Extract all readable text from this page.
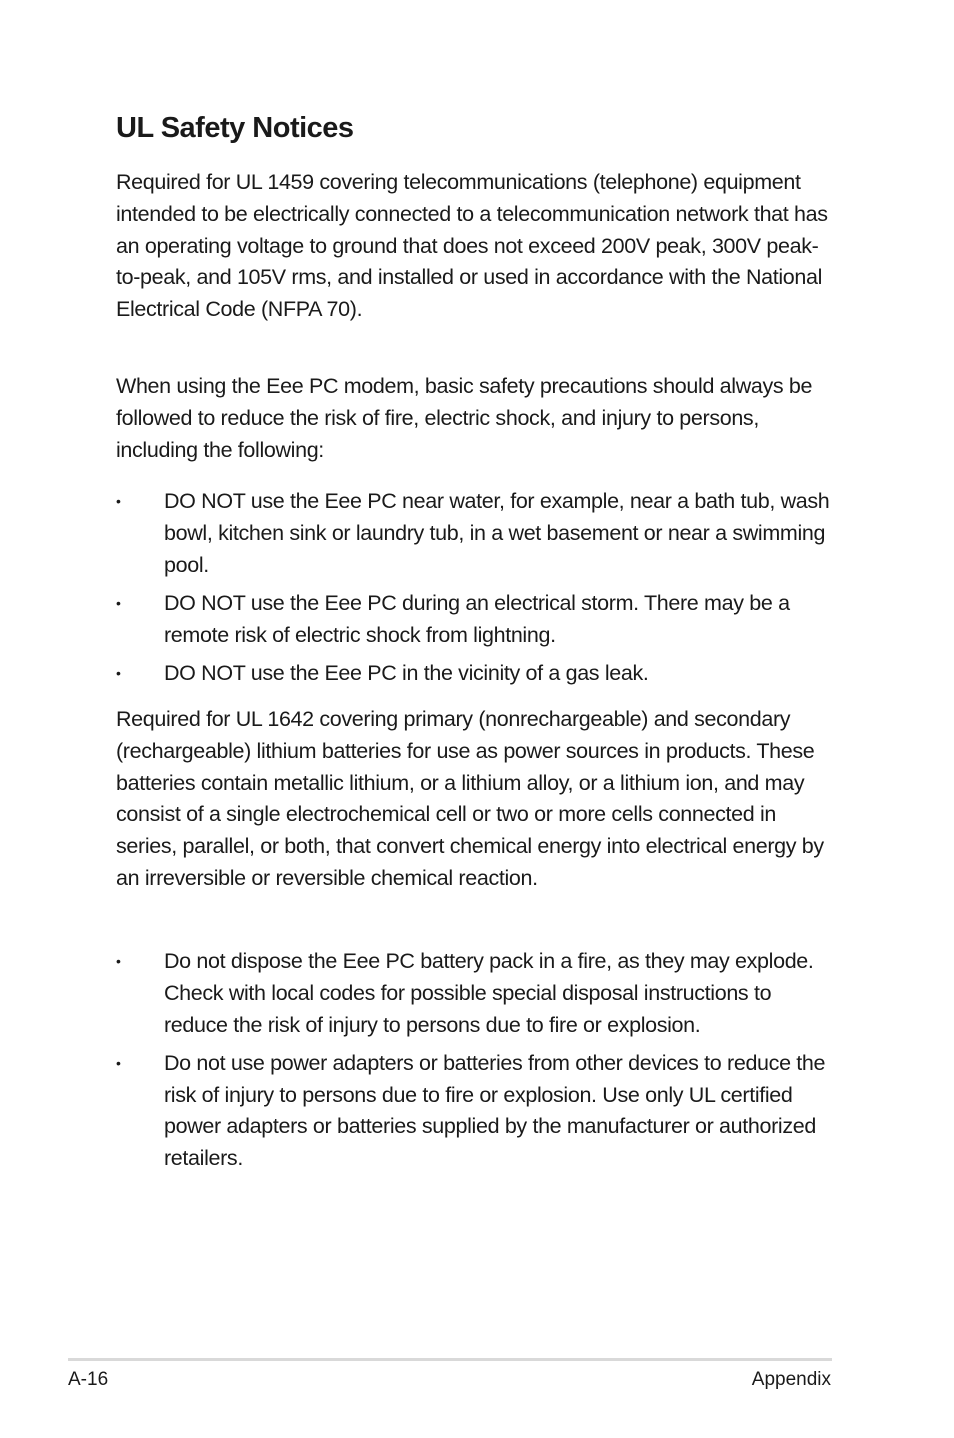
UL Safety Notices

Required for UL 1459 covering telecommunications (telephone) equipment intended to be electrically connected to a telecommunication network that has an operating voltage to ground that does not exceed 200V peak, 300V peak-to-peak, and 105V rms, and installed or used in accordance with the National Electrical Code (NFPA 70).

When using the Eee PC modem, basic safety precautions should always be followed to reduce the risk of fire, electric shock, and injury to persons, including the following:

• DO NOT use the Eee PC near water, for example, near a bath tub, wash bowl, kitchen sink or laundry tub, in a wet basement or near a swimming pool.
• DO NOT use the Eee PC during an electrical storm. There may be a remote risk of electric shock from lightning.
• DO NOT use the Eee PC in the vicinity of a gas leak.

Required for UL 1642 covering primary (nonrechargeable) and secondary (rechargeable) lithium batteries for use as power sources in products. These batteries contain metallic lithium, or a lithium alloy, or a lithium ion, and may consist of a single electrochemical cell or two or more cells connected in series, parallel, or both, that convert chemical energy into electrical energy by an irreversible or reversible chemical reaction.

• Do not dispose the Eee PC battery pack in a fire, as they may explode. Check with local codes for possible special disposal instructions to reduce the risk of injury to persons due to fire or explosion.
• Do not use power adapters or batteries from other devices to reduce the risk of injury to persons due to fire or explosion. Use only UL certified power adapters or batteries supplied by the manufacturer or authorized retailers.
A-16	Appendix
